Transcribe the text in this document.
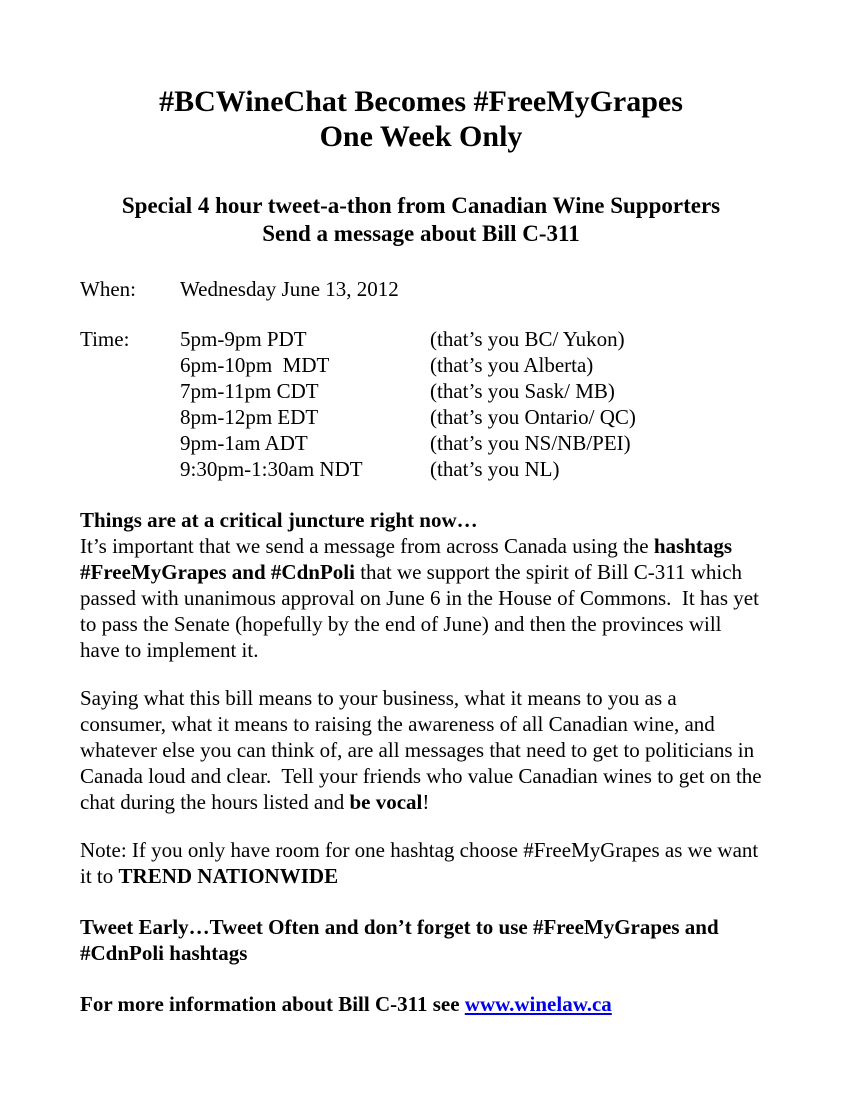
#BCWineChat Becomes #FreeMyGrapes
One Week Only
Special 4 hour tweet-a-thon from Canadian Wine Supporters
Send a message about Bill C-311
When:	Wednesday June 13, 2012
Time:	5pm-9pm PDT	(that’s you BC/ Yukon)
6pm-10pm  MDT	(that’s you Alberta)
7pm-11pm CDT	(that’s you Sask/ MB)
8pm-12pm EDT	(that’s you Ontario/ QC)
9pm-1am ADT	(that’s you NS/NB/PEI)
9:30pm-1:30am NDT	(that’s you NL)
Things are at a critical juncture right now…
It’s important that we send a message from across Canada using the hashtags #FreeMyGrapes and #CdnPoli that we support the spirit of Bill C-311 which passed with unanimous approval on June 6 in the House of Commons.  It has yet to pass the Senate (hopefully by the end of June) and then the provinces will have to implement it.
Saying what this bill means to your business, what it means to you as a consumer, what it means to raising the awareness of all Canadian wine, and whatever else you can think of, are all messages that need to get to politicians in Canada loud and clear.  Tell your friends who value Canadian wines to get on the chat during the hours listed and be vocal!
Note: If you only have room for one hashtag choose #FreeMyGrapes as we want it to TREND NATIONWIDE
Tweet Early…Tweet Often and don’t forget to use #FreeMyGrapes and #CdnPoli hashtags
For more information about Bill C-311 see www.winelaw.ca
